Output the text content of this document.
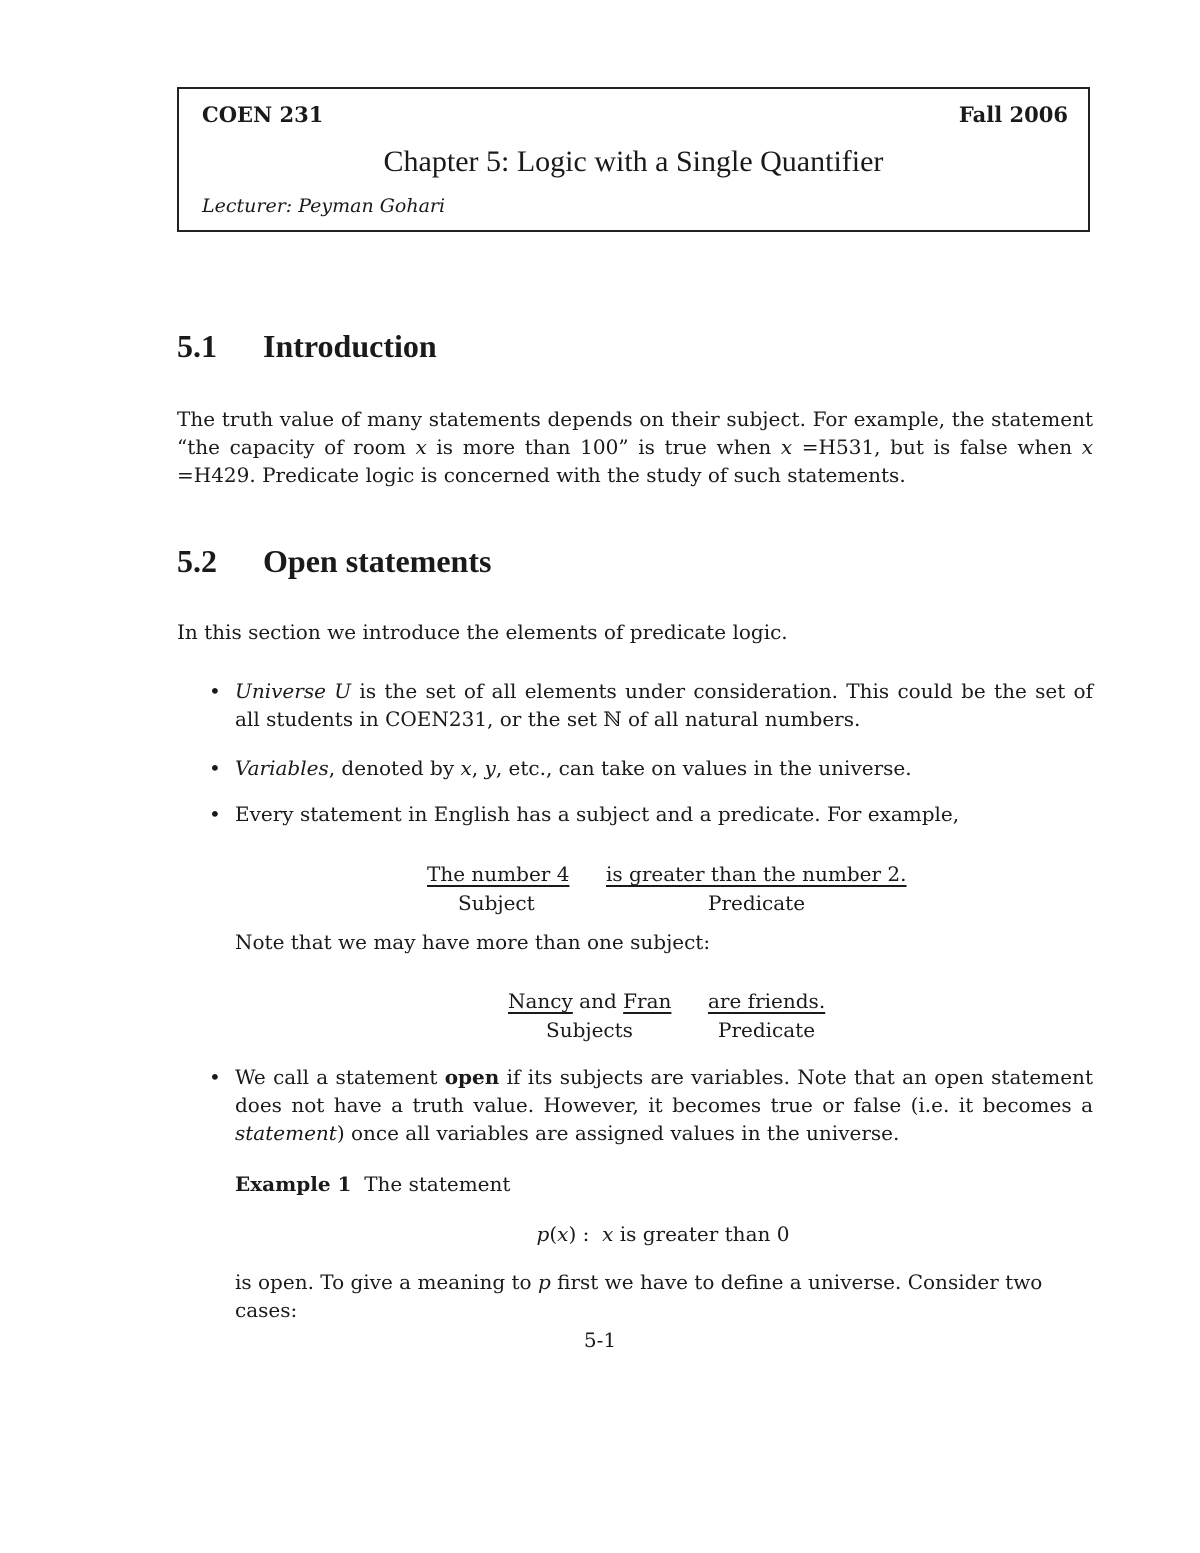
COEN 231	Fall 2006
Chapter 5: Logic with a Single Quantifier
Lecturer: Peyman Gohari
5.1 Introduction
The truth value of many statements depends on their subject. For example, the statement “the capacity of room x is more than 100” is true when x =H531, but is false when x =H429. Predicate logic is concerned with the study of such statements.
5.2 Open statements
In this section we introduce the elements of predicate logic.
• Universe U is the set of all elements under consideration. This could be the set of all students in COEN231, or the set ℕ of all natural numbers.
• Variables, denoted by x, y, etc., can take on values in the universe.
• Every statement in English has a subject and a predicate. For example,
The number 4 is greater than the number 2.
Subject	Predicate
Note that we may have more than one subject:
Nancy and Fran are friends.
Subjects	Predicate
• We call a statement open if its subjects are variables. Note that an open statement does not have a truth value. However, it becomes true or false (i.e. it becomes a statement) once all variables are assigned values in the universe.
Example 1 The statement
p(x) :  x is greater than 0
is open. To give a meaning to p first we have to define a universe. Consider two cases:
5-1
